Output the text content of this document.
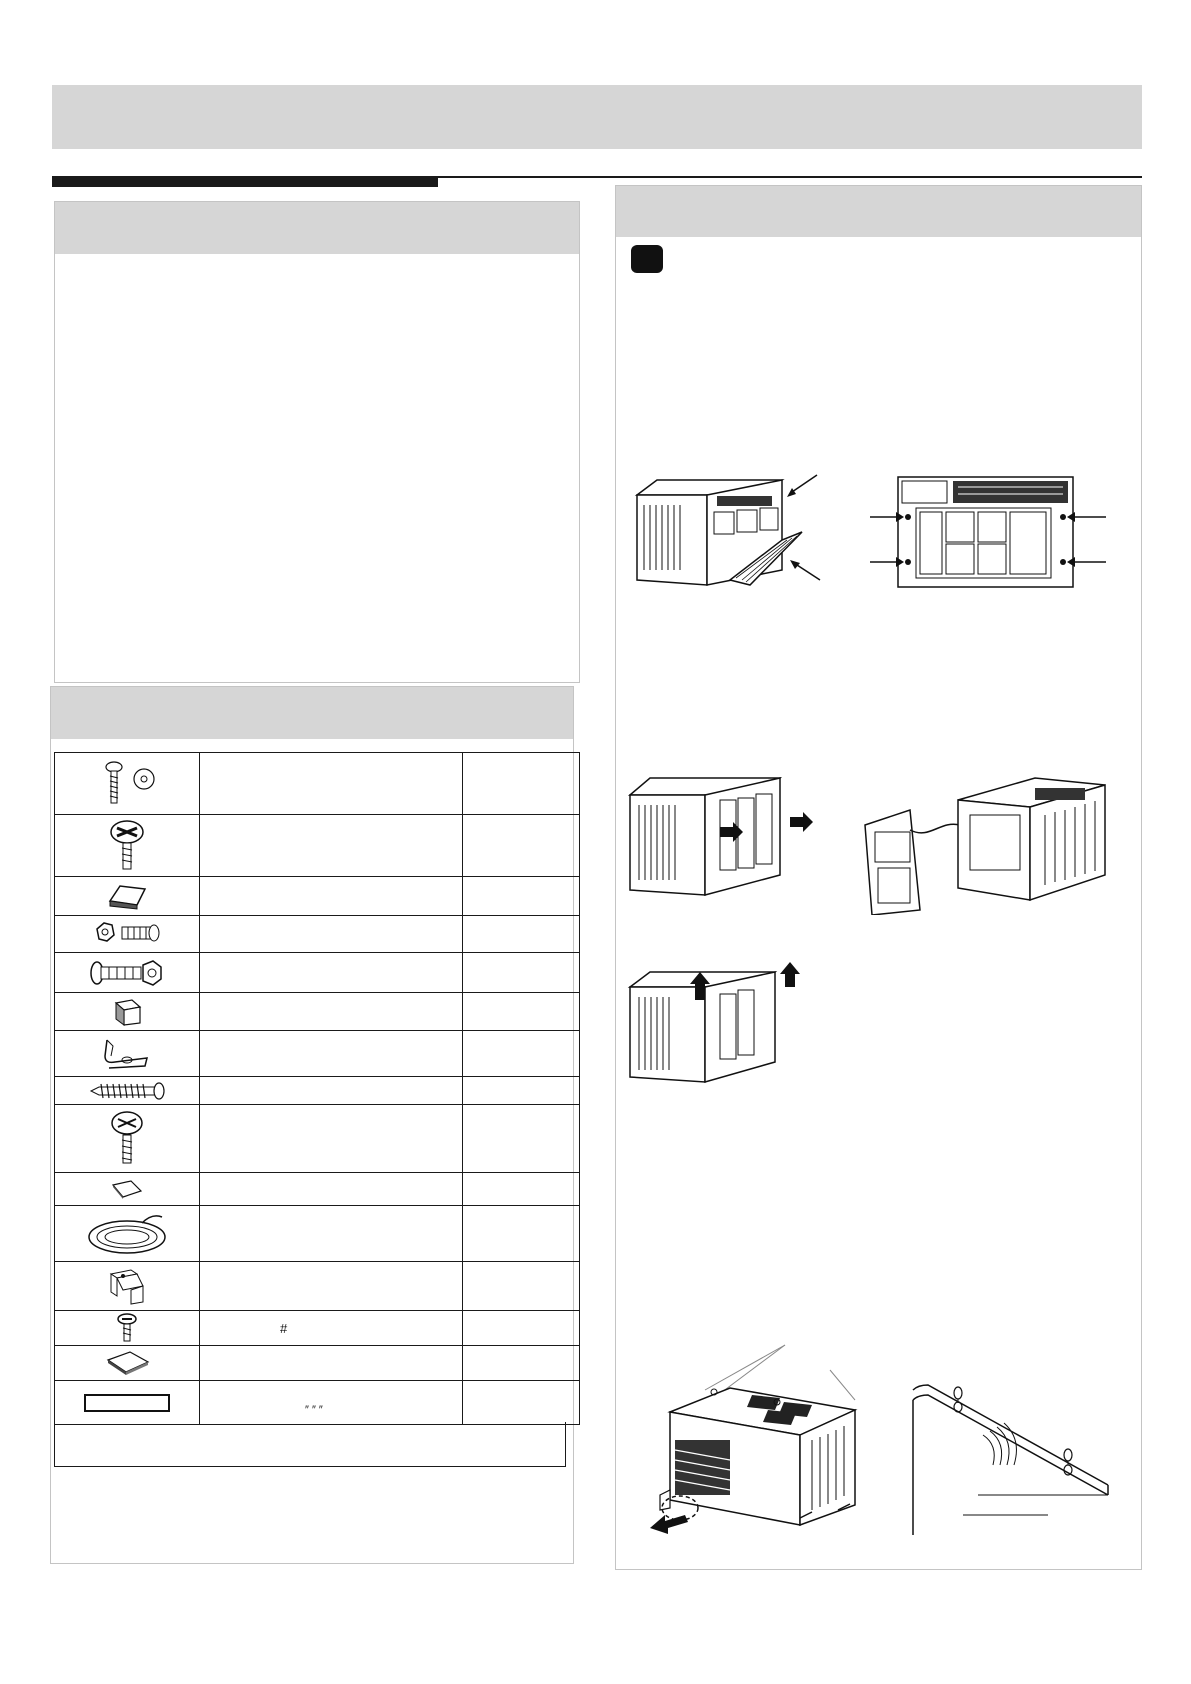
	#	

	″ ″ ″	
